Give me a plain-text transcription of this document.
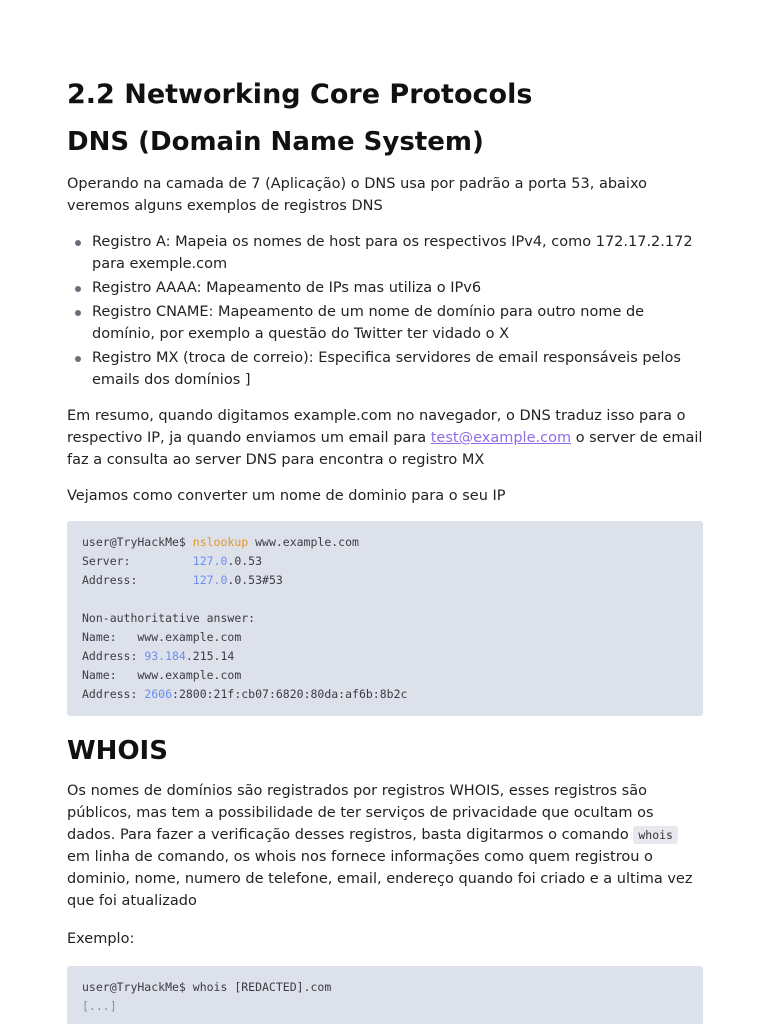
2.2 Networking Core Protocols
DNS (Domain Name System)

Operando na camada de 7 (Aplicação) o DNS usa por padrão a porta 53, abaixo veremos alguns exemplos de registros DNS

Registro A: Mapeia os nomes de host para os respectivos IPv4, como 172.17.2.172 para exemple.com
Registro AAAA: Mapeamento de IPs mas utiliza o IPv6
Registro CNAME: Mapeamento de um nome de domínio para outro nome de domínio, por exemplo a questão do Twitter ter vidado o X
Registro MX (troca de correio): Especifica servidores de email responsáveis pelos emails dos domínios ]

Em resumo, quando digitamos example.com no navegador, o DNS traduz isso para o respectivo IP, ja quando enviamos um email para test@example.com o server de email faz a consulta ao server DNS para encontra o registro MX

Vejamos como converter um nome de dominio para o seu IP

user@TryHackMe$ nslookup www.example.com
Server:         127.0.0.53
Address:        127.0.0.53#53

Non-authoritative answer:
Name:   www.example.com
Address: 93.184.215.14
Name:   www.example.com
Address: 2606:2800:21f:cb07:6820:80da:af6b:8b2c
WHOIS

Os nomes de domínios são registrados por registros WHOIS, esses registros são públicos, mas tem a possibilidade de ter serviços de privacidade que ocultam os dados. Para fazer a verificação desses registros, basta digitarmos o comando whois em linha de comando, os whois nos fornece informações como quem registrou o dominio, nome, numero de telefone, email, endereço quando foi criado e a ultima vez que foi atualizado

Exemplo:

user@TryHackMe$ whois [REDACTED].com
[...]
